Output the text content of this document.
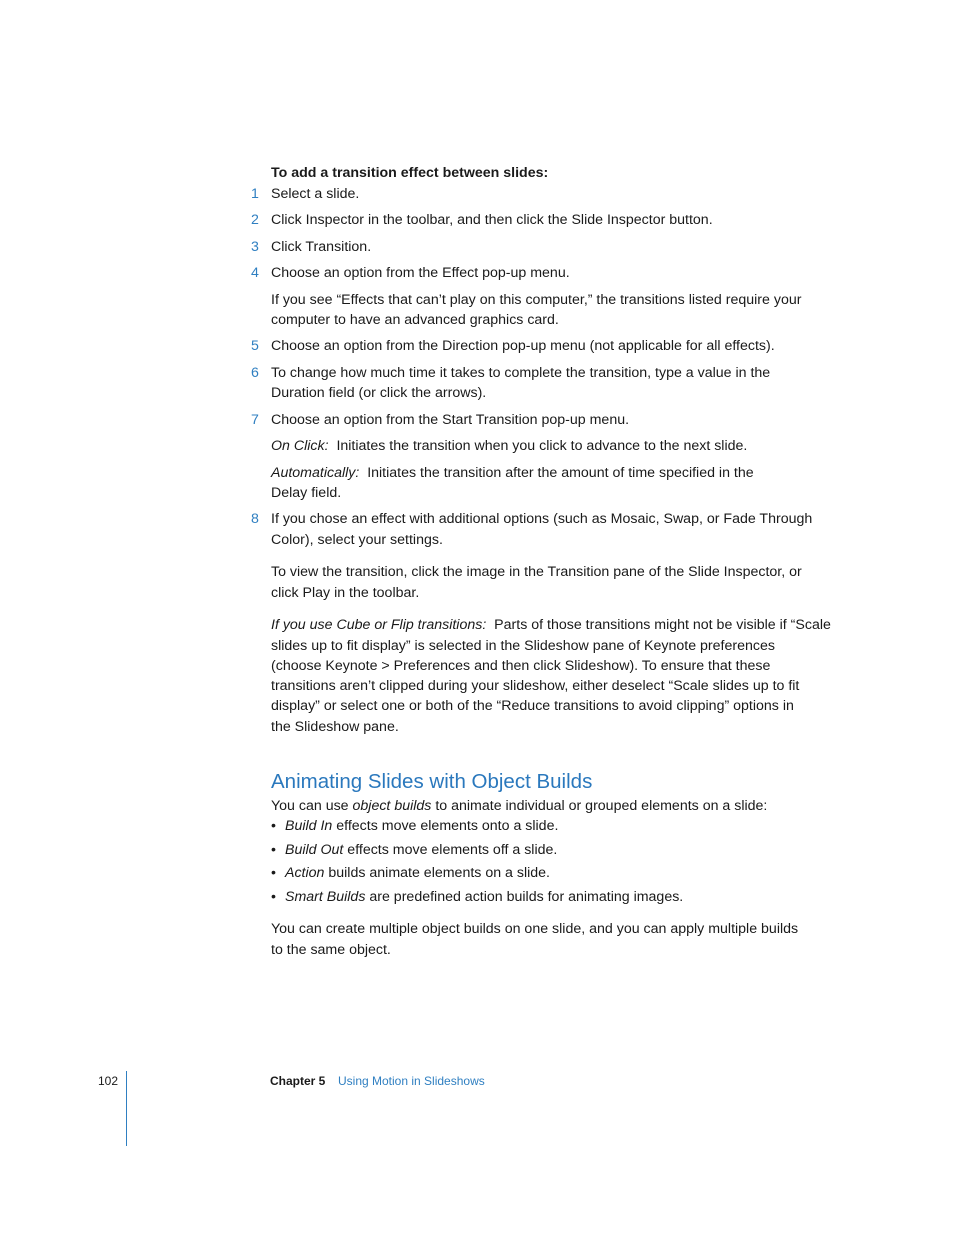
To add a transition effect between slides:
1 Select a slide.
2 Click Inspector in the toolbar, and then click the Slide Inspector button.
3 Click Transition.
4 Choose an option from the Effect pop-up menu.
If you see “Effects that can’t play on this computer,” the transitions listed require your
computer to have an advanced graphics card.
5 Choose an option from the Direction pop-up menu (not applicable for all effects).
6 To change how much time it takes to complete the transition, type a value in the
Duration field (or click the arrows).
7 Choose an option from the Start Transition pop-up menu.
On Click: Initiates the transition when you click to advance to the next slide.
Automatically: Initiates the transition after the amount of time specified in the
Delay field.
8 If you chose an effect with additional options (such as Mosaic, Swap, or Fade Through
Color), select your settings.
To view the transition, click the image in the Transition pane of the Slide Inspector, or
click Play in the toolbar.
If you use Cube or Flip transitions: Parts of those transitions might not be visible if “Scale
slides up to fit display” is selected in the Slideshow pane of Keynote preferences
(choose Keynote > Preferences and then click Slideshow). To ensure that these
transitions aren’t clipped during your slideshow, either deselect “Scale slides up to fit
display” or select one or both of the “Reduce transitions to avoid clipping” options in
the Slideshow pane.
Animating Slides with Object Builds
You can use object builds to animate individual or grouped elements on a slide:
• Build In effects move elements onto a slide.
• Build Out effects move elements off a slide.
• Action builds animate elements on a slide.
• Smart Builds are predefined action builds for animating images.
You can create multiple object builds on one slide, and you can apply multiple builds
to the same object.
102	Chapter 5 Using Motion in Slideshows
